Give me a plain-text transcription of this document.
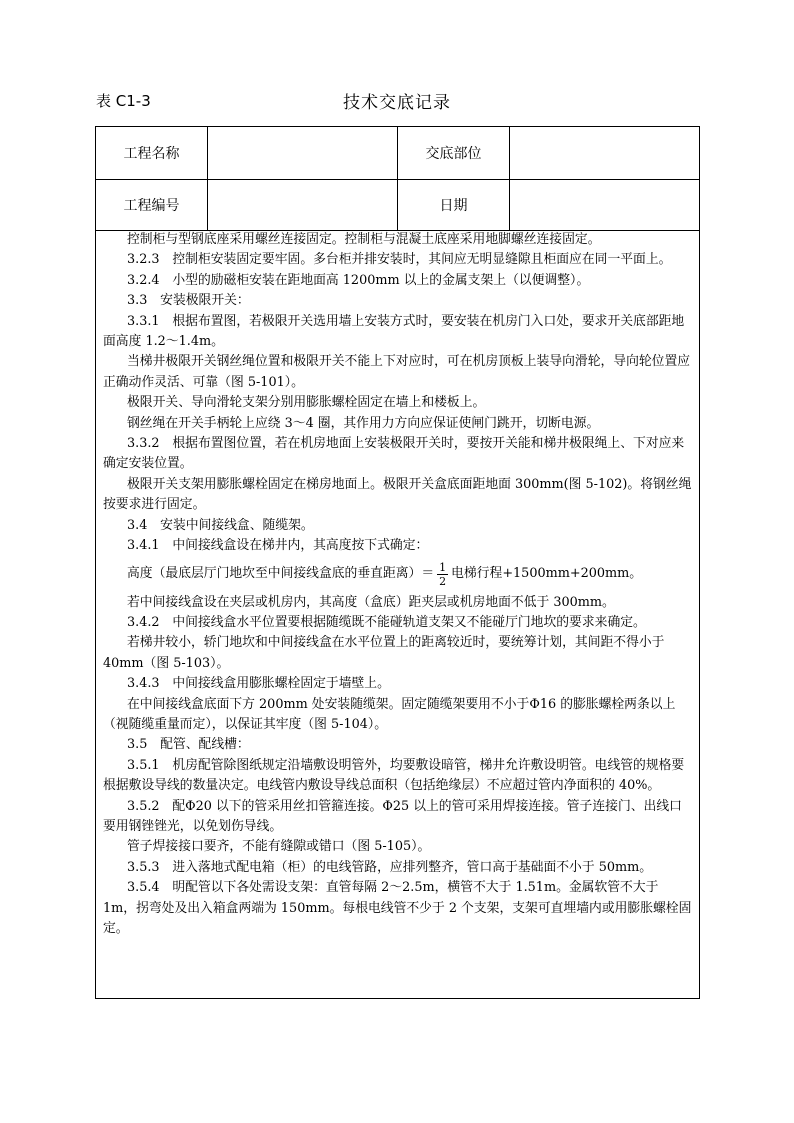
表 C1-3	技术交底记录
工程名称	交底部位
工程编号	日期

控制柜与型钢底座采用螺丝连接固定。控制柜与混凝土底座采用地脚螺丝连接固定。

3.2.3　控制柜安装固定要牢固。多台柜并排安装时，其间应无明显缝隙且柜面应在同一平面上。

3.2.4　小型的励磁柜安装在距地面高 1200mm 以上的金属支架上（以便调整）。

3.3　安装极限开关：

3.3.1　根据布置图，若极限开关选用墙上安装方式时，要安装在机房门入口处，要求开关底部距地面高度 1.2～1.4m。

当梯井极限开关钢丝绳位置和极限开关不能上下对应时，可在机房顶板上装导向滑轮，导向轮位置应正确动作灵活、可靠（图 5-101）。

极限开关、导向滑轮支架分别用膨胀螺栓固定在墙上和楼板上。

钢丝绳在开关手柄轮上应绕 3～4 圈，其作用力方向应保证使闸门跳开，切断电源。

3.3.2　根据布置图位置，若在机房地面上安装极限开关时，要按开关能和梯井极限绳上、下对应来确定安装位置。

极限开关支架用膨胀螺栓固定在梯房地面上。极限开关盒底面距地面 300mm(图 5-102)。将钢丝绳按要求进行固定。

3.4　安装中间接线盒、随缆架。

3.4.1　中间接线盒设在梯井内，其高度按下式确定：

高度（最底层厅门地坎至中间接线盒底的垂直距离）＝ $\frac{1}{2}$ 电梯行程+1500mm+200mm。

若中间接线盒设在夹层或机房内，其高度（盒底）距夹层或机房地面不低于 300mm。

3.4.2　中间接线盒水平位置要根据随缆既不能碰轨道支架又不能碰厅门地坎的要求来确定。

若梯井较小，轿门地坎和中间接线盒在水平位置上的距离较近时，要统筹计划，其间距不得小于 40mm（图 5-103）。

3.4.3　中间接线盒用膨胀螺栓固定于墙壁上。

在中间接线盒底面下方 200mm 处安装随缆架。固定随缆架要用不小于Φ16 的膨胀螺栓两条以上（视随缆重量而定），以保证其牢度（图 5-104）。

3.5　配管、配线槽：

3.5.1　机房配管除图纸规定沿墙敷设明管外，均要敷设暗管，梯井允许敷设明管。电线管的规格要根据敷设导线的数量决定。电线管内敷设导线总面积（包括绝缘层）不应超过管内净面积的 40%。

3.5.2　配Φ20 以下的管采用丝扣管箍连接。Φ25 以上的管可采用焊接连接。管子连接门、出线口要用钢锉锉光，以免划伤导线。

管子焊接接口要齐，不能有缝隙或错口（图 5-105）。

3.5.3　进入落地式配电箱（柜）的电线管路，应排列整齐，管口高于基础面不小于 50mm。

3.5.4　明配管以下各处需设支架：直管每隔 2～2.5m，横管不大于 1.51m。金属软管不大于 1m，拐弯处及出入箱盒两端为 150mm。每根电线管不少于 2 个支架，支架可直埋墙内或用膨胀螺栓固定。
